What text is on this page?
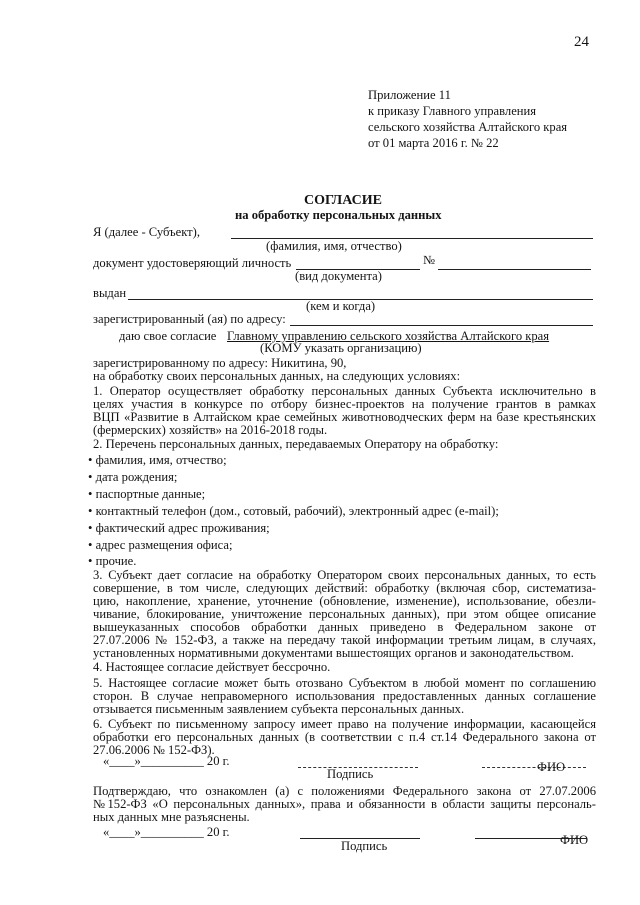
24
Приложение 11
к приказу Главного управления
сельского хозяйства Алтайского края
от 01 марта 2016 г. № 22
СОГЛАСИЕ
на обработку персональных данных
Я (далее - Субъект),
(фамилия, имя, отчество)
документ удостоверяющий личность	№
(вид документа)
выдан
(кем и когда)
зарегистрированный (ая) по адресу:
даю свое согласие Главному управлению сельского хозяйства Алтайского края
(КОМУ указать организацию)
зарегистрированному по адресу: Никитина, 90,
на обработку своих персональных данных, на следующих условиях:
1. Оператор осуществляет обработку персональных данных Субъекта исключительно в
целях участия в конкурсе по отбору бизнес-проектов на получение грантов в рамках
ВЦП «Развитие в Алтайском крае семейных животноводческих ферм на базе крестьянских
(фермерских) хозяйств» на 2016-2018 годы.
2. Перечень персональных данных, передаваемых Оператору на обработку:
• фамилия, имя, отчество;
• дата рождения;
• паспортные данные;
• контактный телефон (дом., сотовый, рабочий), электронный адрес (e-mail);
• фактический адрес проживания;
• адрес размещения офиса;
• прочие.
3. Субъект дает согласие на обработку Оператором своих персональных данных, то есть
совершение, в том числе, следующих действий: обработку (включая сбор, систематиза-
цию, накопление, хранение, уточнение (обновление, изменение), использование, обезли-
чивание, блокирование, уничтожение персональных данных), при этом общее описание
вышеуказанных способов обработки данных приведено в Федеральном законе от
27.07.2006 № 152-ФЗ, а также на передачу такой информации третьим лицам, в случаях,
установленных нормативными документами вышестоящих органов и законодательством.
4. Настоящее согласие действует бессрочно.
5. Настоящее согласие может быть отозвано Субъектом в любой момент по соглашению
сторон. В случае неправомерного использования предоставленных данных соглашение
отзывается письменным заявлением субъекта персональных данных.
6. Субъект по письменному запросу имеет право на получение информации, касающейся
обработки его персональных данных (в соответствии с п.4 ст.14 Федерального закона от
27.06.2006 № 152-ФЗ).
«____»__________ 20 г.
Подпись	ФИО
Подтверждаю, что ознакомлен (а) с положениями Федерального закона от 27.07.2006
№152-ФЗ «О персональных данных», права и обязанности в области защиты персональ-
ных данных мне разъяснены.
«____»__________ 20 г.
Подпись	ФИО
